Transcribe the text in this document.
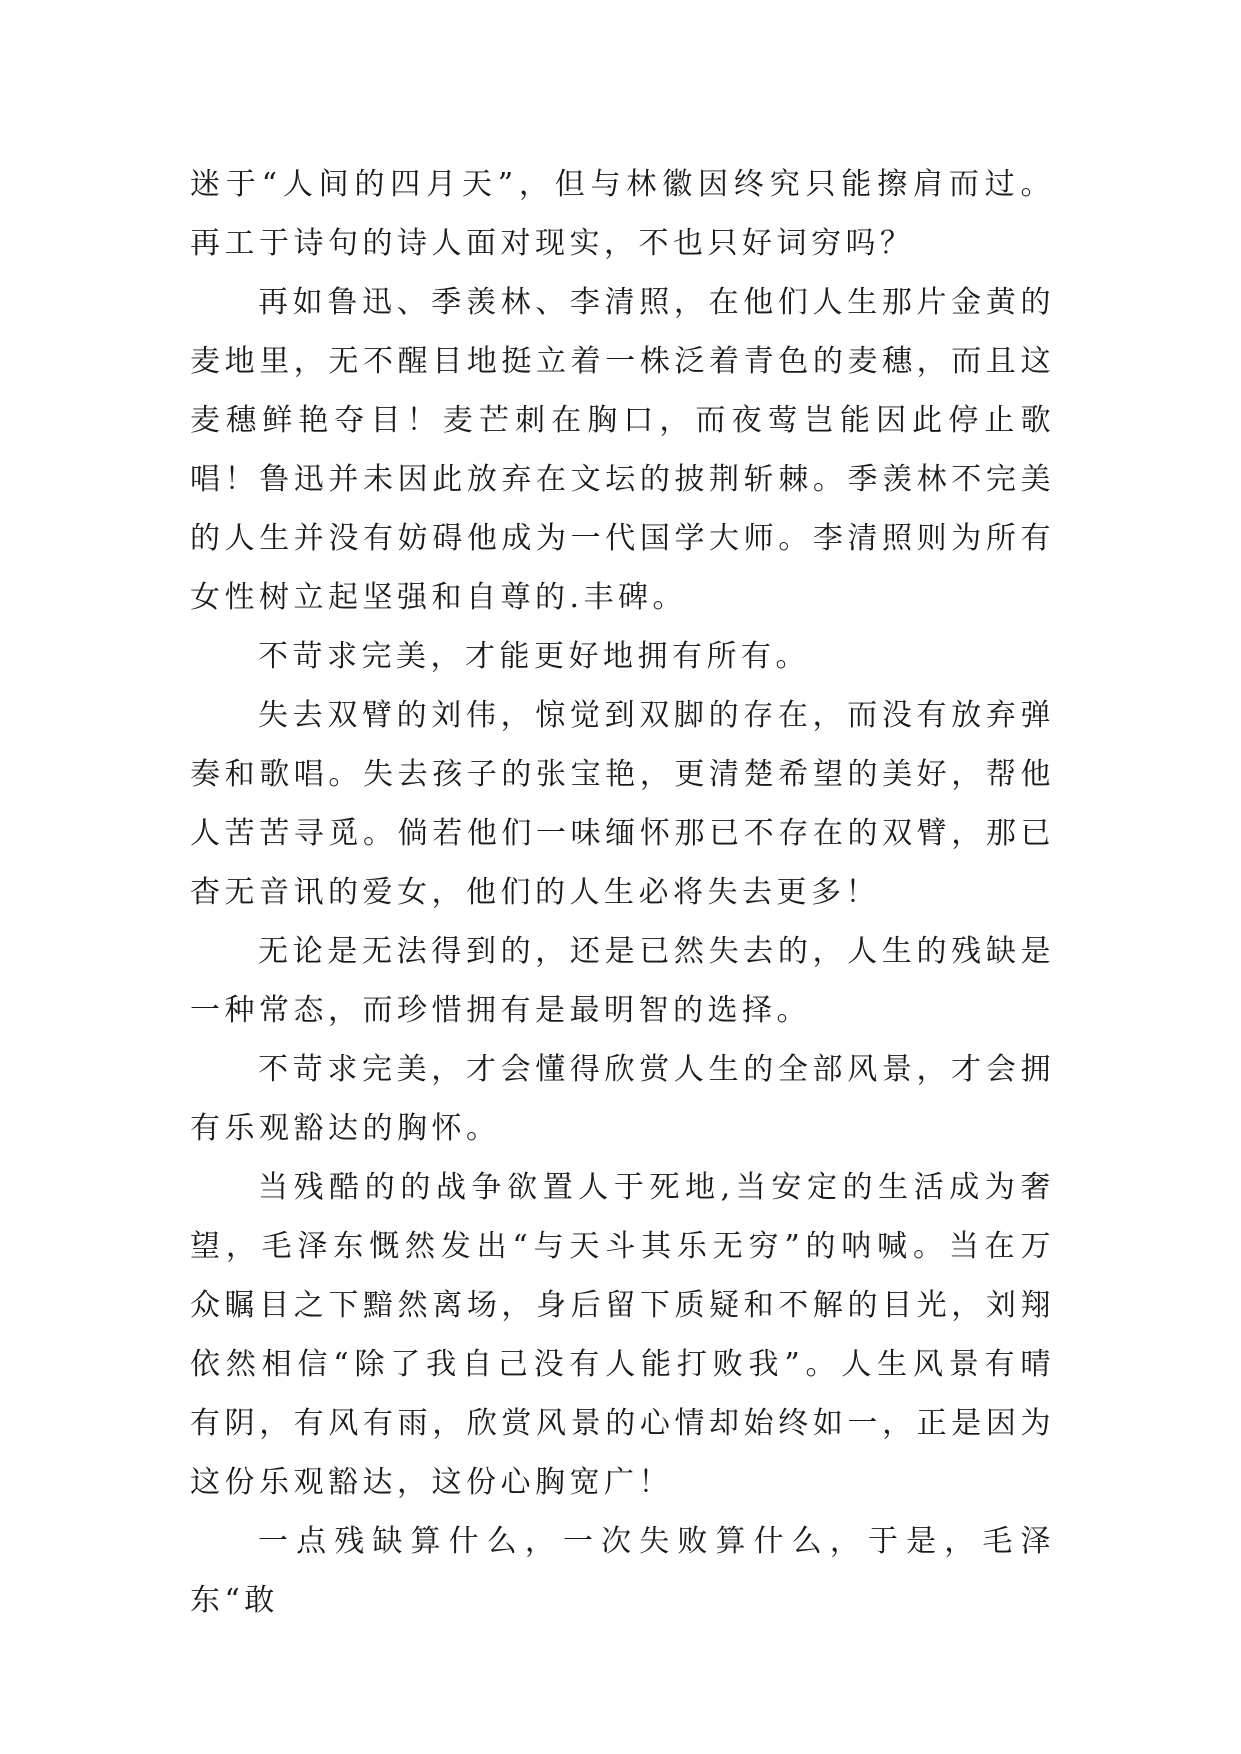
迷于“人间的四月天”，但与林徽因终究只能擦肩而过。再工于诗句的诗人面对现实，不也只好词穷吗？

再如鲁迅、季羡林、李清照，在他们人生那片金黄的麦地里，无不醒目地挺立着一株泛着青色的麦穗，而且这麦穗鲜艳夺目！麦芒刺在胸口，而夜莺岂能因此停止歌唱！鲁迅并未因此放弃在文坛的披荆斩棘。季羡林不完美的人生并没有妨碍他成为一代国学大师。李清照则为所有女性树立起坚强和自尊的.丰碑。

不苛求完美，才能更好地拥有所有。

失去双臂的刘伟，惊觉到双脚的存在，而没有放弃弹奏和歌唱。失去孩子的张宝艳，更清楚希望的美好，帮他人苦苦寻觅。倘若他们一味缅怀那已不存在的双臂，那已杳无音讯的爱女，他们的人生必将失去更多！

无论是无法得到的，还是已然失去的，人生的残缺是一种常态，而珍惜拥有是最明智的选择。

不苛求完美，才会懂得欣赏人生的全部风景，才会拥有乐观豁达的胸怀。

当残酷的的战争欲置人于死地,当安定的生活成为奢望，毛泽东慨然发出“与天斗其乐无穷”的呐喊。当在万众瞩目之下黯然离场，身后留下质疑和不解的目光，刘翔依然相信“除了我自己没有人能打败我”。人生风景有晴有阴，有风有雨，欣赏风景的心情却始终如一，正是因为这份乐观豁达，这份心胸宽广！

一点残缺算什么，一次失败算什么，于是，毛泽东“敢
